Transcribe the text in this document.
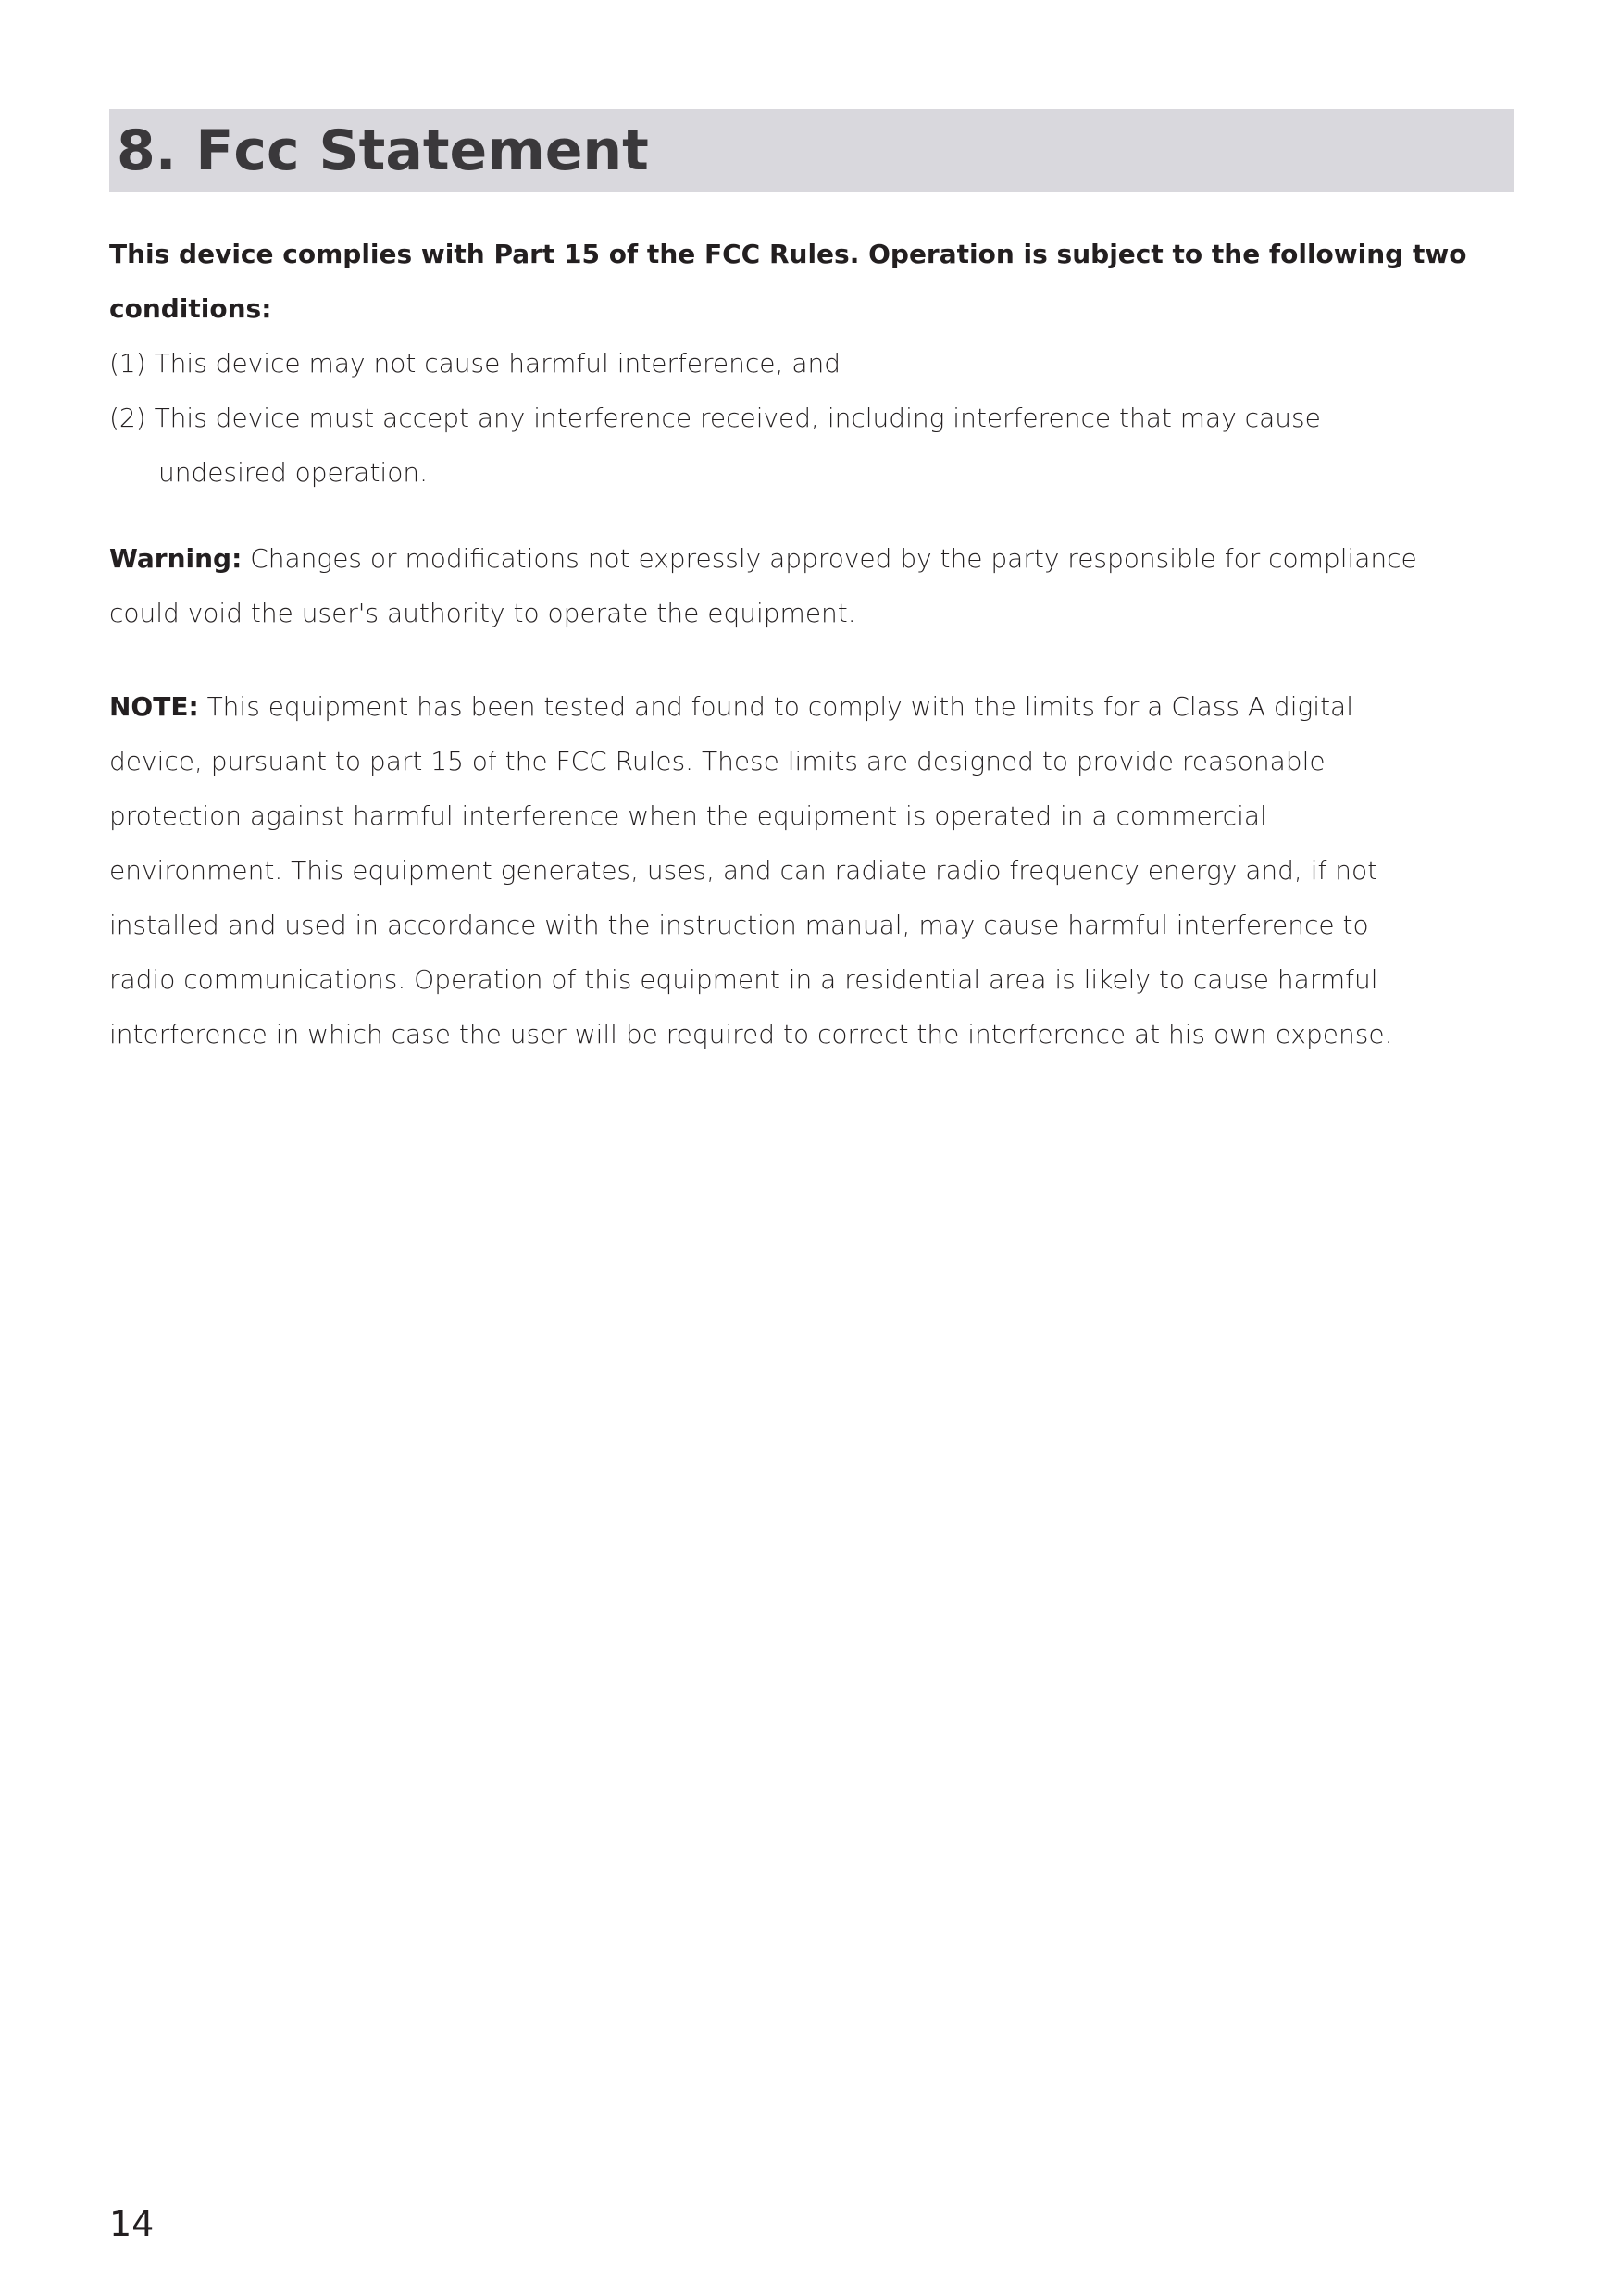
8. Fcc Statement

This device complies with Part 15 of the FCC Rules. Operation is subject to the following two

conditions:

(1) This device may not cause harmful interference, and

(2) This device must accept any interference received, including interference that may cause

undesired operation.

Warning: Changes or modifications not expressly approved by the party responsible for compliance

could void the user's authority to operate the equipment.

NOTE: This equipment has been tested and found to comply with the limits for a Class A digital

device, pursuant to part 15 of the FCC Rules. These limits are designed to provide reasonable

protection against harmful interference when the equipment is operated in a commercial

environment. This equipment generates, uses, and can radiate radio frequency energy and, if not

installed and used in accordance with the instruction manual, may cause harmful interference to

radio communications. Operation of this equipment in a residential area is likely to cause harmful

interference in which case the user will be required to correct the interference at his own expense.

14
